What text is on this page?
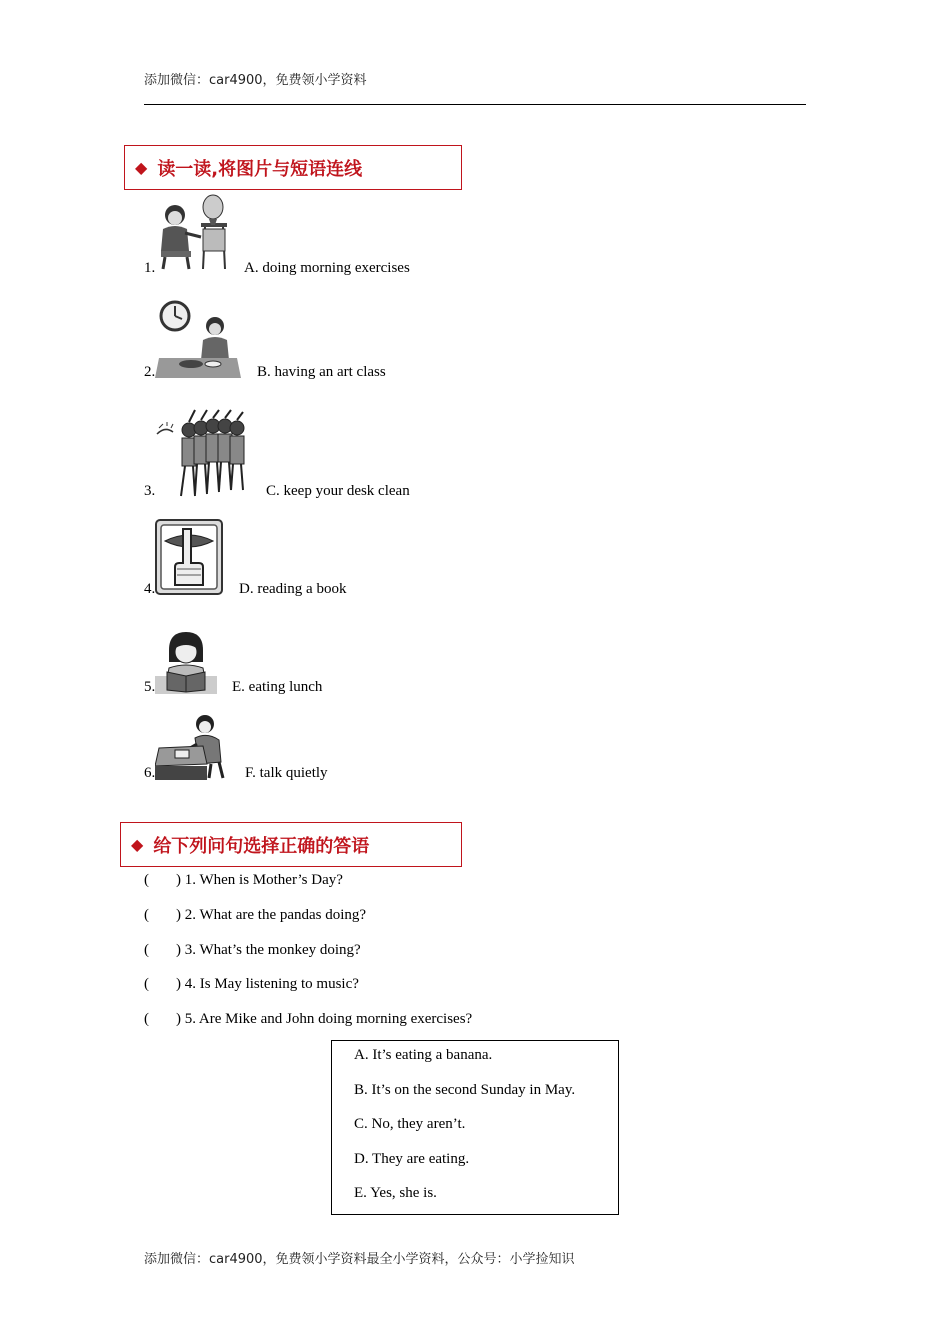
添加微信：car4900，免费领小学资料
◆ 读一读,将图片与短语连线
1.	A. doing morning exercises
2.	B. having an art class
3.	C. keep your desk clean
4.	D. reading a book
5.	E. eating lunch
6.	F. talk quietly
◆ 给下列问句选择正确的答语
( ) 1. When is Mother’s Day?
( ) 2. What are the pandas doing?
( ) 3. What’s the monkey doing?
( ) 4. Is May listening to music?
( ) 5. Are Mike and John doing morning exercises?
A. It’s eating a banana.
B. It’s on the second Sunday in May.
C. No, they aren’t.
D. They are eating.
E. Yes, she is.
添加微信：car4900，免费领小学资料最全小学资料，公众号：小学捡知识
